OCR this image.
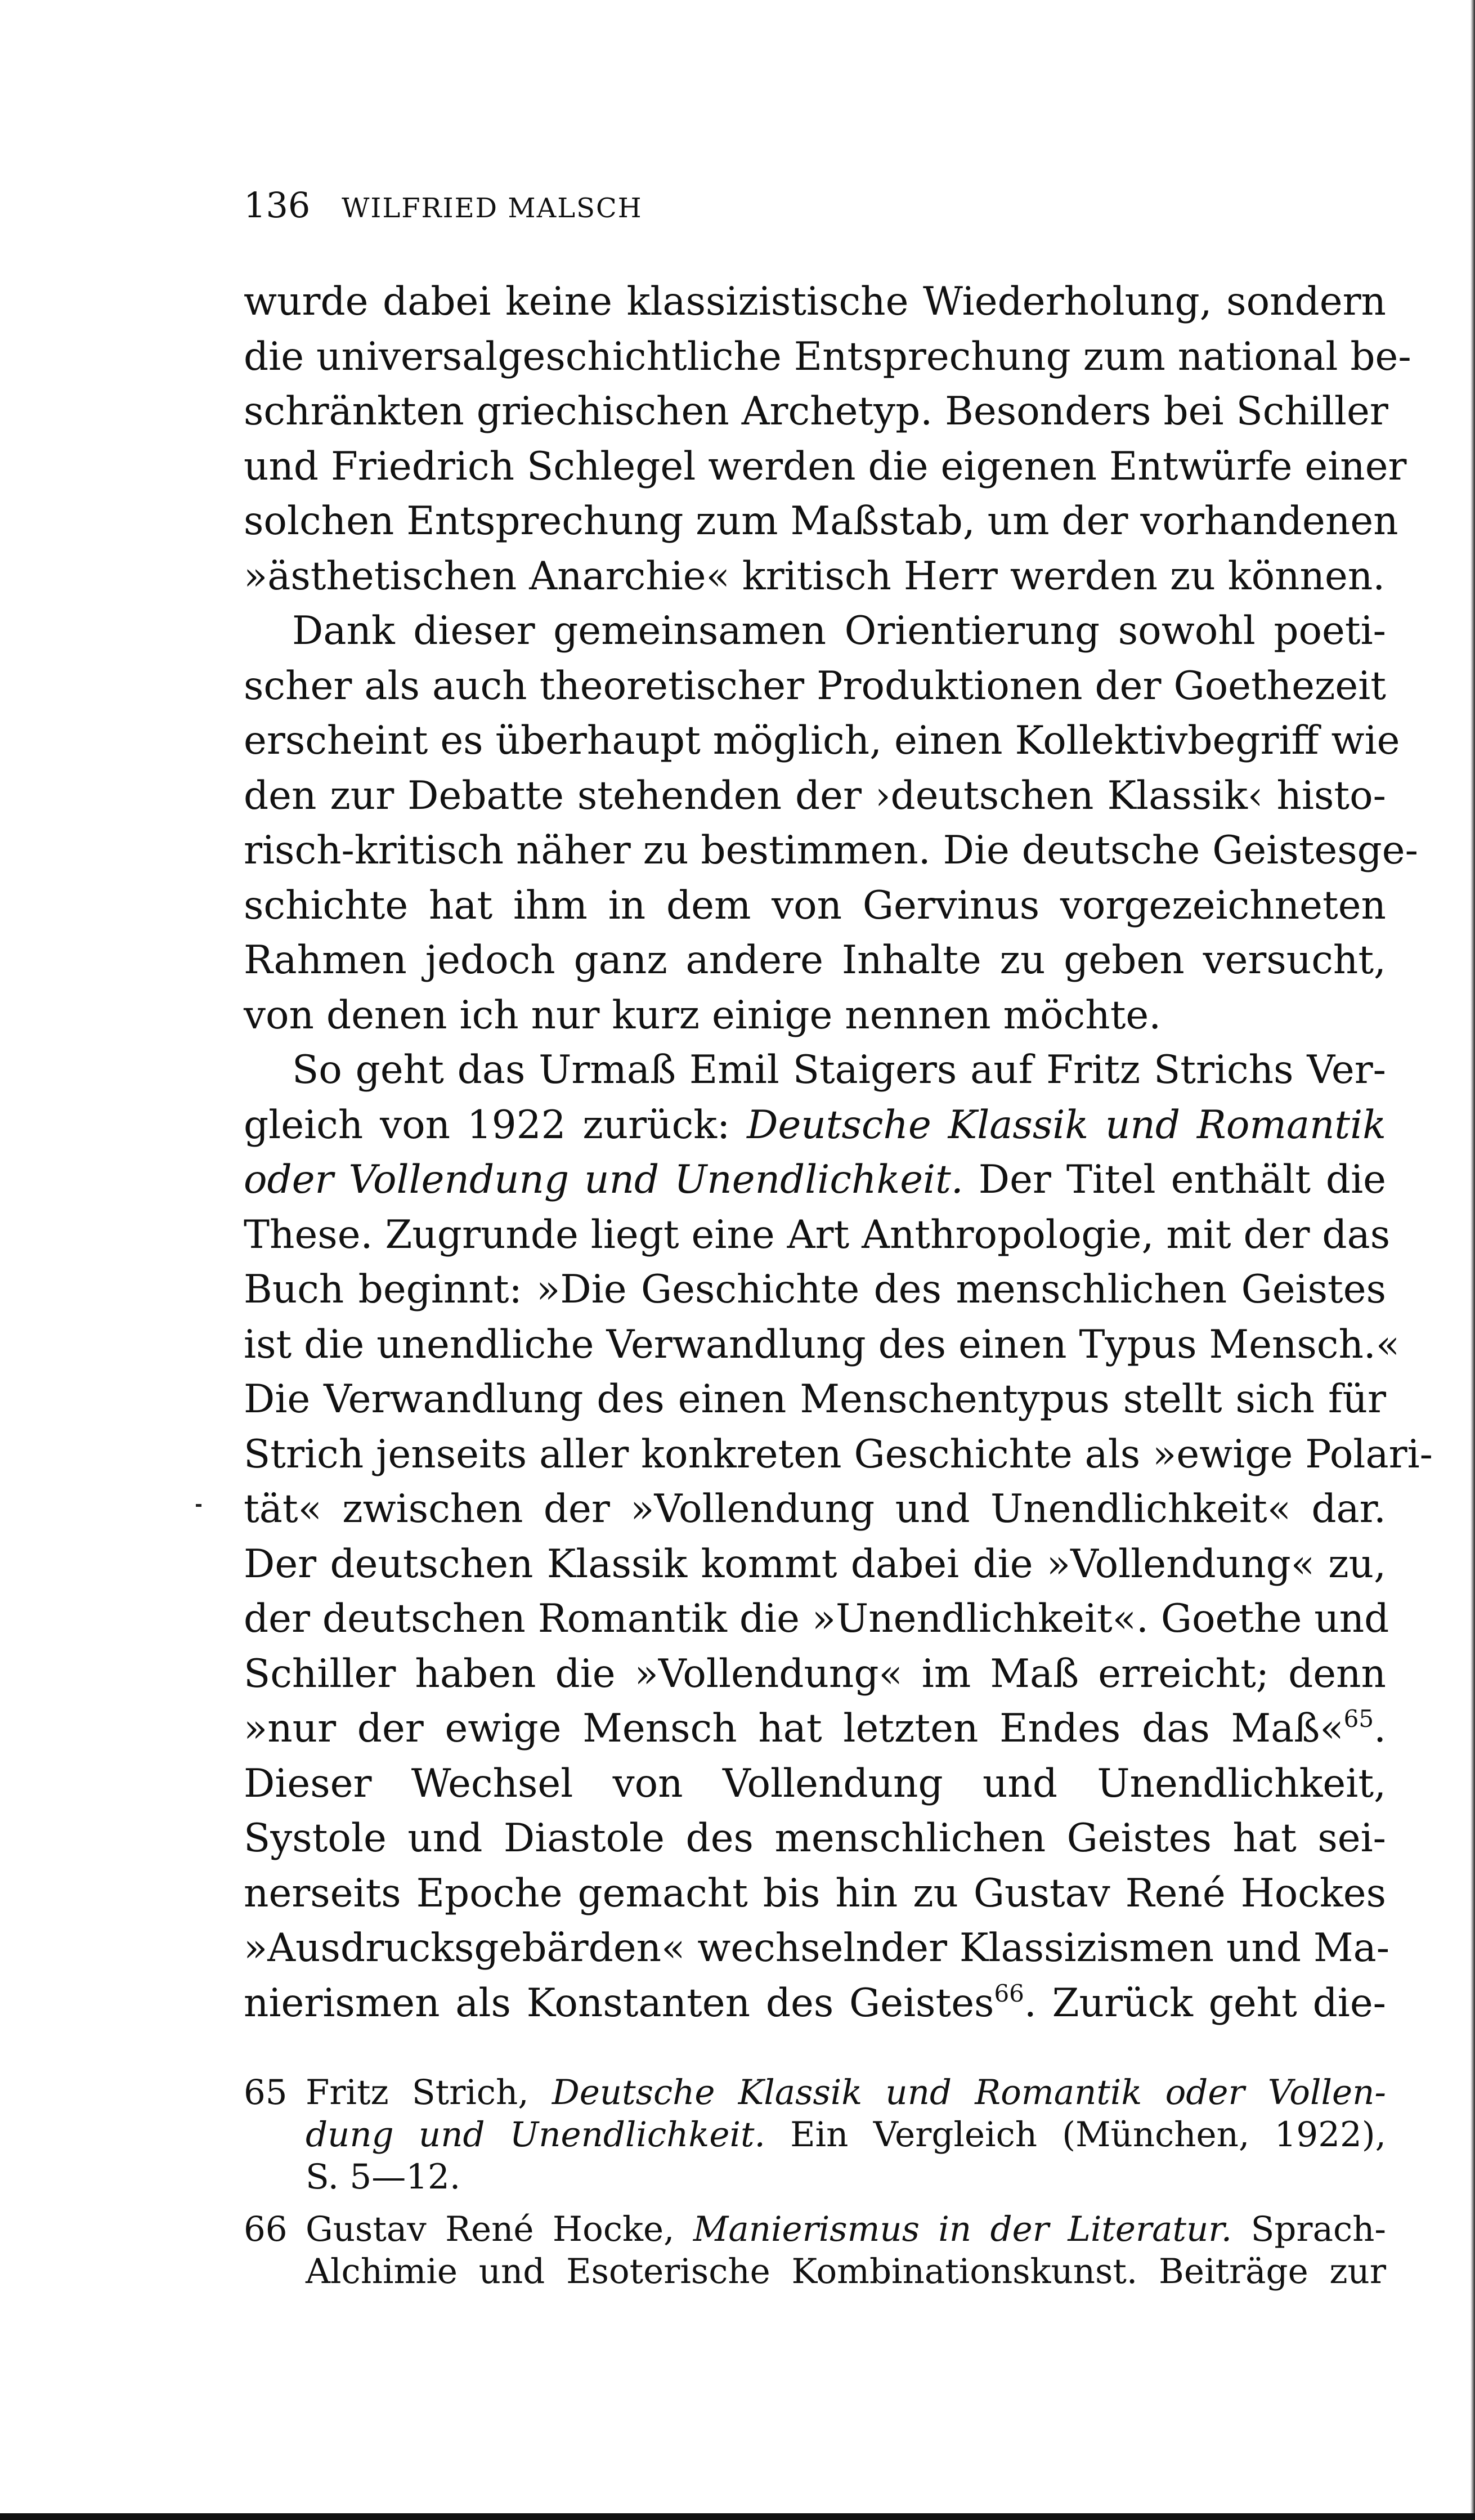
136 WILFRIED MALSCH
wurde dabei keine klassizistische Wiederholung, sondern
die universalgeschichtliche Entsprechung zum national be-
schränkten griechischen Archetyp. Besonders bei Schiller
und Friedrich Schlegel werden die eigenen Entwürfe einer
solchen Entsprechung zum Maßstab, um der vorhandenen
»ästhetischen Anarchie« kritisch Herr werden zu können.
Dank dieser gemeinsamen Orientierung sowohl poeti-
scher als auch theoretischer Produktionen der Goethezeit
erscheint es überhaupt möglich, einen Kollektivbegriff wie
den zur Debatte stehenden der ›deutschen Klassik‹ histo-
risch-kritisch näher zu bestimmen. Die deutsche Geistesge-
schichte hat ihm in dem von Gervinus vorgezeichneten
Rahmen jedoch ganz andere Inhalte zu geben versucht,
von denen ich nur kurz einige nennen möchte.
So geht das Urmaß Emil Staigers auf Fritz Strichs Ver-
gleich von 1922 zurück: Deutsche Klassik und Romantik
oder Vollendung und Unendlichkeit. Der Titel enthält die
These. Zugrunde liegt eine Art Anthropologie, mit der das
Buch beginnt: »Die Geschichte des menschlichen Geistes
ist die unendliche Verwandlung des einen Typus Mensch.«
Die Verwandlung des einen Menschentypus stellt sich für
Strich jenseits aller konkreten Geschichte als »ewige Polari-
tät« zwischen der »Vollendung und Unendlichkeit« dar.
Der deutschen Klassik kommt dabei die »Vollendung« zu,
der deutschen Romantik die »Unendlichkeit«. Goethe und
Schiller haben die »Vollendung« im Maß erreicht; denn
»nur der ewige Mensch hat letzten Endes das Maß«$^{65}$.
Dieser Wechsel von Vollendung und Unendlichkeit,
Systole und Diastole des menschlichen Geistes hat sei-
nerseits Epoche gemacht bis hin zu Gustav René Hockes
»Ausdrucksgebärden« wechselnder Klassizismen und Ma-
nierismen als Konstanten des Geistes$^{66}$. Zurück geht die-
65 Fritz Strich, Deutsche Klassik und Romantik oder Vollen-
dung und Unendlichkeit. Ein Vergleich (München, 1922),
S. 5—12.
66 Gustav René Hocke, Manierismus in der Literatur. Sprach-
Alchimie und Esoterische Kombinationskunst. Beiträge zur
